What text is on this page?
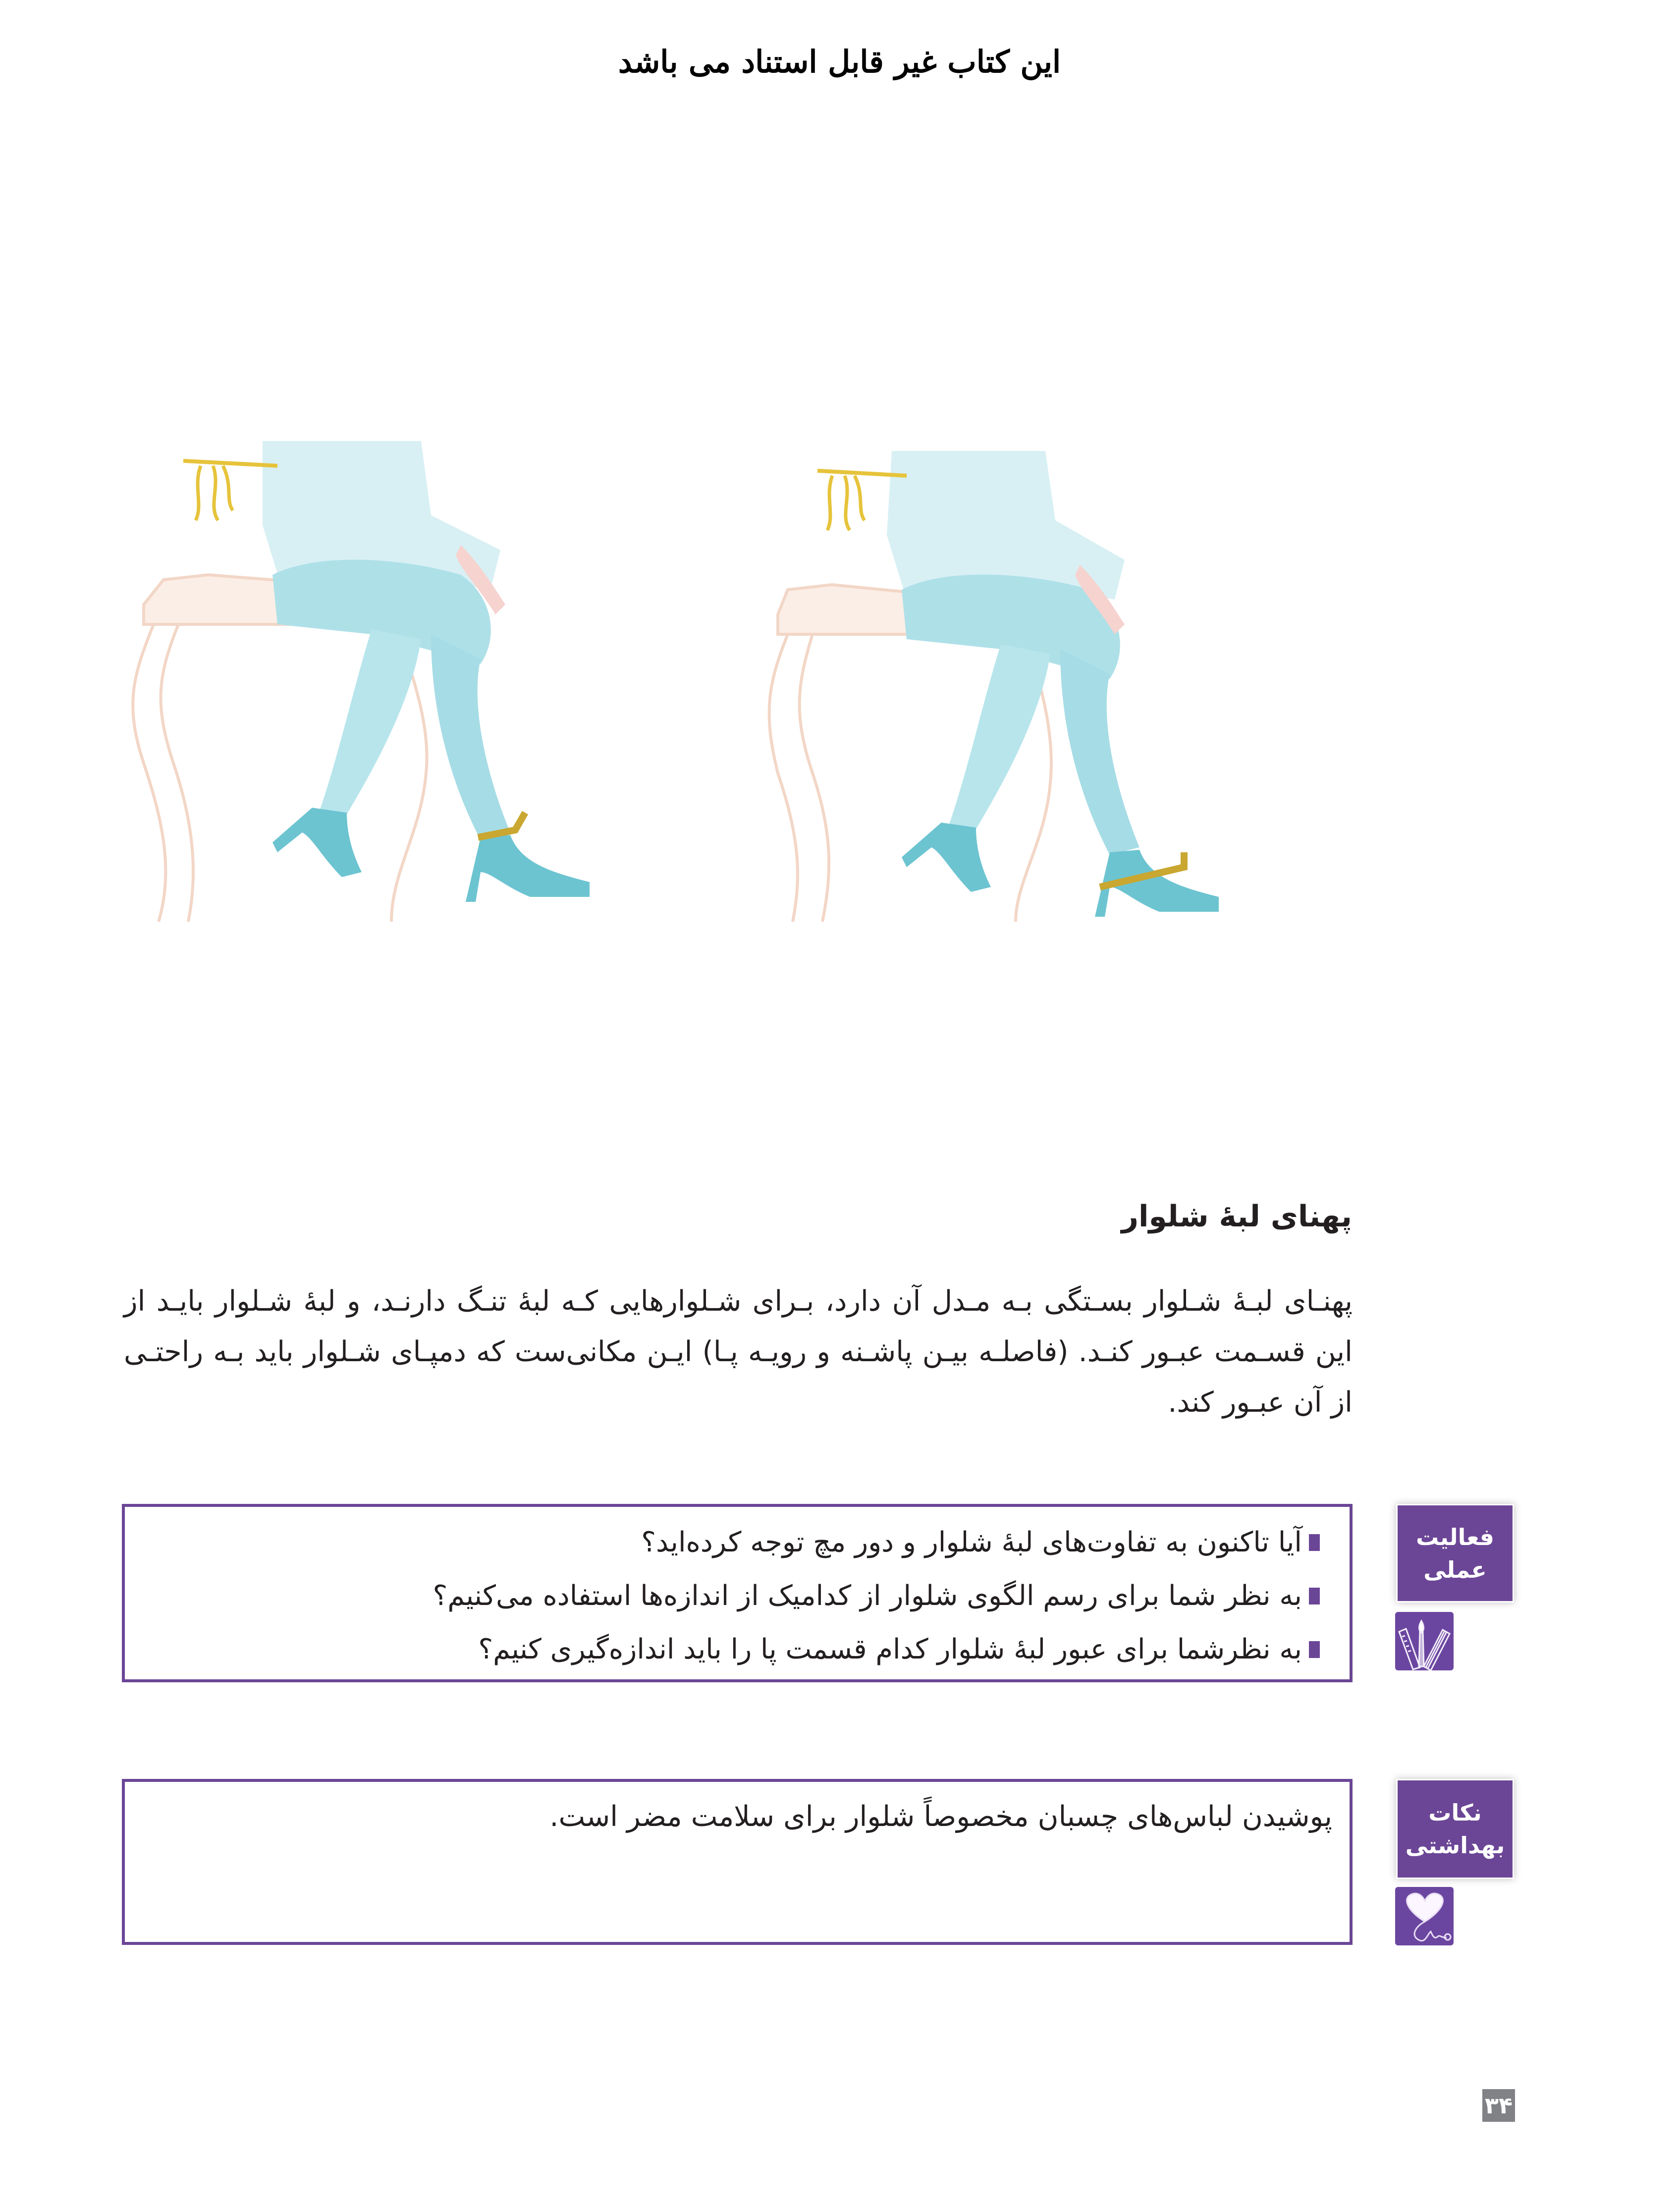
این کتاب غیر قابل استناد می باشد
پهنای لبهٔ شلوار
پهنـای لبـهٔ شـلوار بسـتگی بـه مـدل آن دارد، بـرای شـلوارهایی کـه لبهٔ تنـگ دارنـد، و لبهٔ شـلوار بایـد از این قسـمت عبـور کنـد. (فاصلـه بیـن پاشـنه و رویـه پـا) ایـن مکانی‌ست که دمپـای شـلوار باید بـه راحتـی از آن عبـور کند.
آیا تاکنون به تفاوت‌های لبهٔ شلوار و دور مچ توجه کرده‌اید؟
به نظر شما برای رسم الگوی شلوار از کدامیک از اندازه‌ها استفاده می‌کنیم؟
به نظرشما برای عبور لبهٔ شلوار کدام قسمت پا را باید اندازه‌گیری کنیم؟
فعالیت
عملی
پوشیدن لباس‌های چسبان مخصوصاً شلوار برای سلامت مضر است.	نکات
بهداشتی
۳۴
